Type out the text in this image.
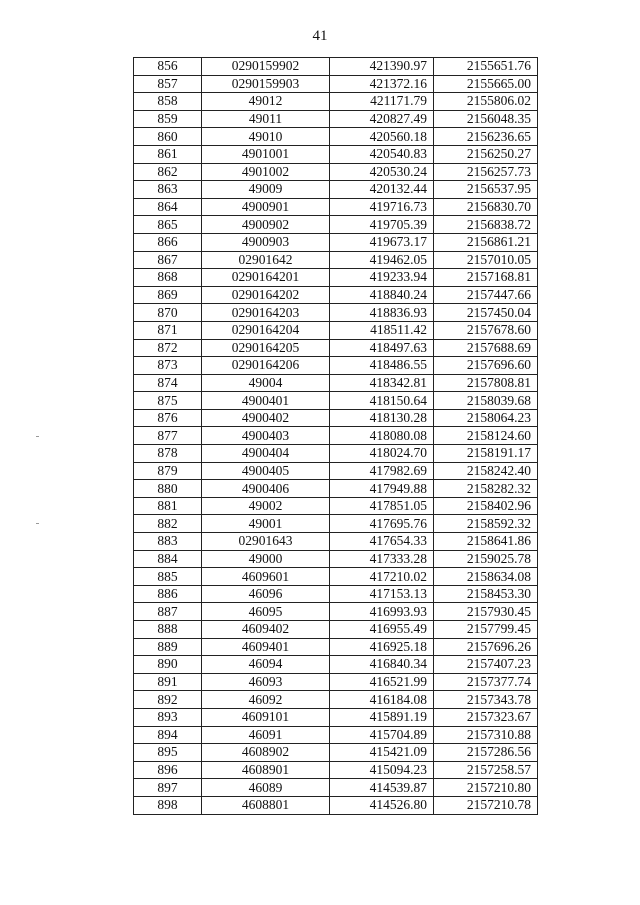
41
856	0290159902	421390.97	2155651.76
857	0290159903	421372.16	2155665.00
858	49012	421171.79	2155806.02
859	49011	420827.49	2156048.35
860	49010	420560.18	2156236.65
861	4901001	420540.83	2156250.27
862	4901002	420530.24	2156257.73
863	49009	420132.44	2156537.95
864	4900901	419716.73	2156830.70
865	4900902	419705.39	2156838.72
866	4900903	419673.17	2156861.21
867	02901642	419462.05	2157010.05
868	0290164201	419233.94	2157168.81
869	0290164202	418840.24	2157447.66
870	0290164203	418836.93	2157450.04
871	0290164204	418511.42	2157678.60
872	0290164205	418497.63	2157688.69
873	0290164206	418486.55	2157696.60
874	49004	418342.81	2157808.81
875	4900401	418150.64	2158039.68
876	4900402	418130.28	2158064.23
877	4900403	418080.08	2158124.60
878	4900404	418024.70	2158191.17
879	4900405	417982.69	2158242.40
880	4900406	417949.88	2158282.32
881	49002	417851.05	2158402.96
882	49001	417695.76	2158592.32
883	02901643	417654.33	2158641.86
884	49000	417333.28	2159025.78
885	4609601	417210.02	2158634.08
886	46096	417153.13	2158453.30
887	46095	416993.93	2157930.45
888	4609402	416955.49	2157799.45
889	4609401	416925.18	2157696.26
890	46094	416840.34	2157407.23
891	46093	416521.99	2157377.74
892	46092	416184.08	2157343.78
893	4609101	415891.19	2157323.67
894	46091	415704.89	2157310.88
895	4608902	415421.09	2157286.56
896	4608901	415094.23	2157258.57
897	46089	414539.87	2157210.80
898	4608801	414526.80	2157210.78
